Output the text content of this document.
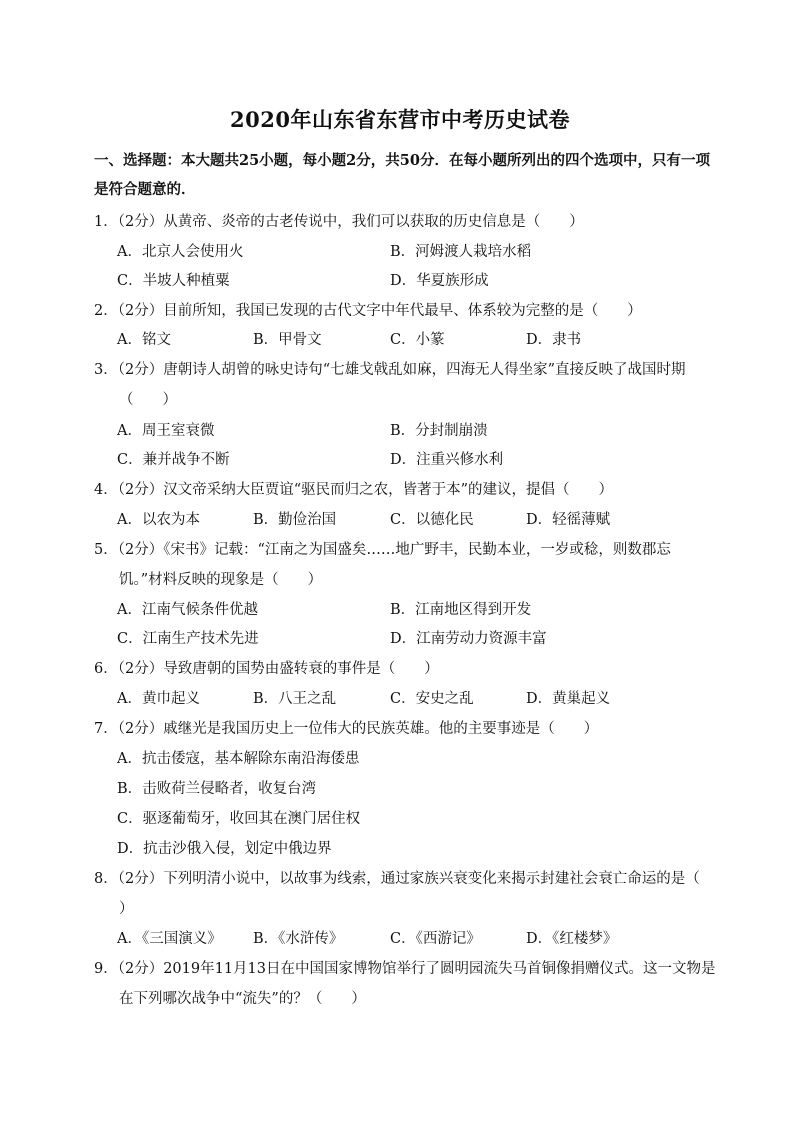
2020年山东省东营市中考历史试卷
一、选择题：本大题共25小题，每小题2分，共50分．在每小题所列出的四个选项中，只有一项是符合题意的．
1．（2分）从黄帝、炎帝的古老传说中，我们可以获取的历史信息是（　　）
A．北京人会使用火	B．河姆渡人栽培水稻
C．半坡人种植粟	D．华夏族形成
2．（2分）目前所知，我国已发现的古代文字中年代最早、体系较为完整的是（　　）
A．铭文	B．甲骨文	C．小篆	D．隶书
3．（2分）唐朝诗人胡曾的咏史诗句“七雄戈戟乱如麻，四海无人得坐家”直接反映了战国时期
（　　）
A．周王室衰微	B．分封制崩溃
C．兼并战争不断	D．注重兴修水利
4．（2分）汉文帝采纳大臣贾谊“驱民而归之农，皆著于本”的建议，提倡（　　）
A．以农为本	B．勤俭治国	C．以德化民	D．轻徭薄赋
5．（2分）《宋书》记载：“江南之为国盛矣……地广野丰，民勤本业，一岁或稔，则数郡忘
饥。”材料反映的现象是（　　）
A．江南气候条件优越	B．江南地区得到开发
C．江南生产技术先进	D．江南劳动力资源丰富
6．（2分）导致唐朝的国势由盛转衰的事件是（　　）
A．黄巾起义	B．八王之乱	C．安史之乱	D．黄巢起义
7．（2分）戚继光是我国历史上一位伟大的民族英雄。他的主要事迹是（　　）
A．抗击倭寇，基本解除东南沿海倭患
B．击败荷兰侵略者，收复台湾
C．驱逐葡萄牙，收回其在澳门居住权
D．抗击沙俄入侵，划定中俄边界
8．（2分）下列明清小说中，以故事为线索，通过家族兴衰变化来揭示封建社会衰亡命运的是（
）
A．《三国演义》 B．《水浒传》	C．《西游记》	D．《红楼梦》
9．（2分）2019年11月13日在中国国家博物馆举行了圆明园流失马首铜像捐赠仪式。这一文物是
在下列哪次战争中“流失”的？（　　）
